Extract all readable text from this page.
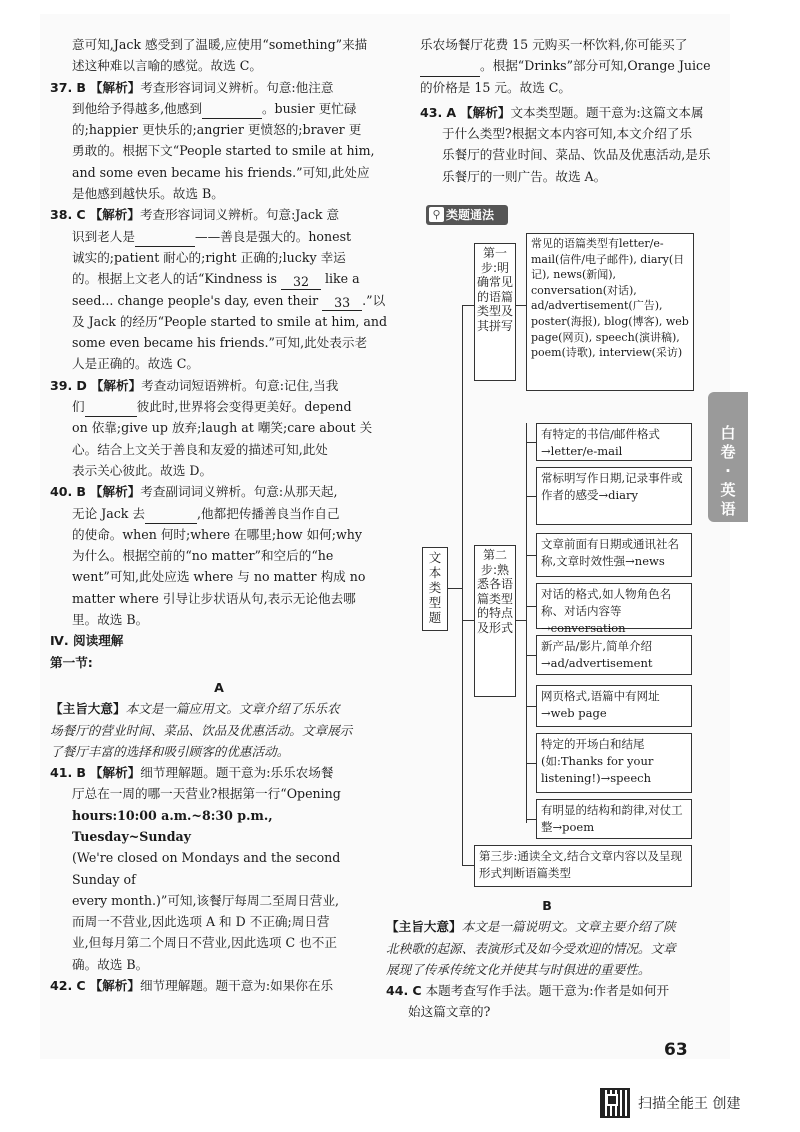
意可知,Jack 感受到了温暖,应使用“something”来描

述这种难以言喻的感觉。故选 C。

37. B 【解析】考查形容词词义辨析。句意:他注意

到他给予得越多,他感到	。busier 更忙碌

的;happier 更快乐的;angrier 更愤怒的;braver 更

勇敢的。根据下文“People started to smile at him,

and some even became his friends.”可知,此处应

是他感到越快乐。故选 B。

38. C 【解析】考查形容词词义辨析。句意:Jack 意

识到老人是	——善良是强大的。honest

诚实的;patient 耐心的;right 正确的;lucky 幸运

的。根据上文老人的话“Kindness is 32 like a

seed... change people's day, even their 33 .”以

及 Jack 的经历“People started to smile at him, and

some even became his friends.”可知,此处表示老

人是正确的。故选 C。

39. D 【解析】考查动词短语辨析。句意:记住,当我

们	彼此时,世界将会变得更美好。depend

on 依靠;give up 放弃;laugh at 嘲笑;care about 关

心。结合上文关于善良和友爱的描述可知,此处

表示关心彼此。故选 D。

40. B 【解析】考查副词词义辨析。句意:从那天起,

无论 Jack 去	,他都把传播善良当作自己

的使命。when 何时;where 在哪里;how 如何;why

为什么。根据空前的“no matter”和空后的“he

went”可知,此处应选 where 与 no matter 构成 no

matter where 引导让步状语从句,表示无论他去哪

里。故选 B。

Ⅳ. 阅读理解

第一节:

A

【主旨大意】本文是一篇应用文。文章介绍了乐乐农

场餐厅的营业时间、菜品、饮品及优惠活动。文章展示

了餐厅丰富的选择和吸引顾客的优惠活动。

41. B 【解析】细节理解题。题干意为:乐乐农场餐

厅总在一周的哪一天营业?根据第一行“Opening

hours:10:00 a.m.~8:30 p.m., Tuesday~Sunday

(We're closed on Mondays and the second Sunday of

every month.)”可知,该餐厅每周二至周日营业,

而周一不营业,因此选项 A 和 D 不正确;周日营

业,但每月第二个周日不营业,因此选项 C 也不正

确。故选 B。

42. C 【解析】细节理解题。题干意为:如果你在乐

乐农场餐厅花费 15 元购买一杯饮料,你可能买了

。根据“Drinks”部分可知,Orange Juice

的价格是 15 元。故选 C。

43. A 【解析】文本类型题。题干意为:这篇文本属

于什么类型?根据文本内容可知,本文介绍了乐

乐餐厅的营业时间、菜品、饮品及优惠活动,是乐

乐餐厅的一则广告。故选 A。

⚲ 类题通法
文本类型题
第一步:明确常见的语篇类型及其拼写
常见的语篇类型有letter/e-mail(信件/电子邮件), diary(日记), news(新闻), conversation(对话), ad/advertisement(广告), poster(海报), blog(博客), web page(网页), speech(演讲稿), poem(诗歌), interview(采访)
第二步:熟悉各语篇类型的特点及形式
有特定的书信/邮件格式→letter/e-mail
常标明写作日期,记录事件或作者的感受→diary
文章前面有日期或通讯社名称,文章时效性强→news
对话的格式,如人物角色名称、对话内容等→conversation
新产品/影片,简单介绍→ad/advertisement
网页格式,语篇中有网址→web page
特定的开场白和结尾(如:Thanks for your listening!)→speech
有明显的结构和韵律,对仗工整→poem
第三步:通读全文,结合文章内容以及呈现形式判断语篇类型

B

【主旨大意】本文是一篇说明文。文章主要介绍了陕

北秧歌的起源、表演形式及如今受欢迎的情况。文章

展现了传承传统文化并使其与时俱进的重要性。

44. C 本题考查写作手法。题干意为:作者是如何开

始这篇文章的?

白
卷
·
英
语
63
扫描全能王 创建
